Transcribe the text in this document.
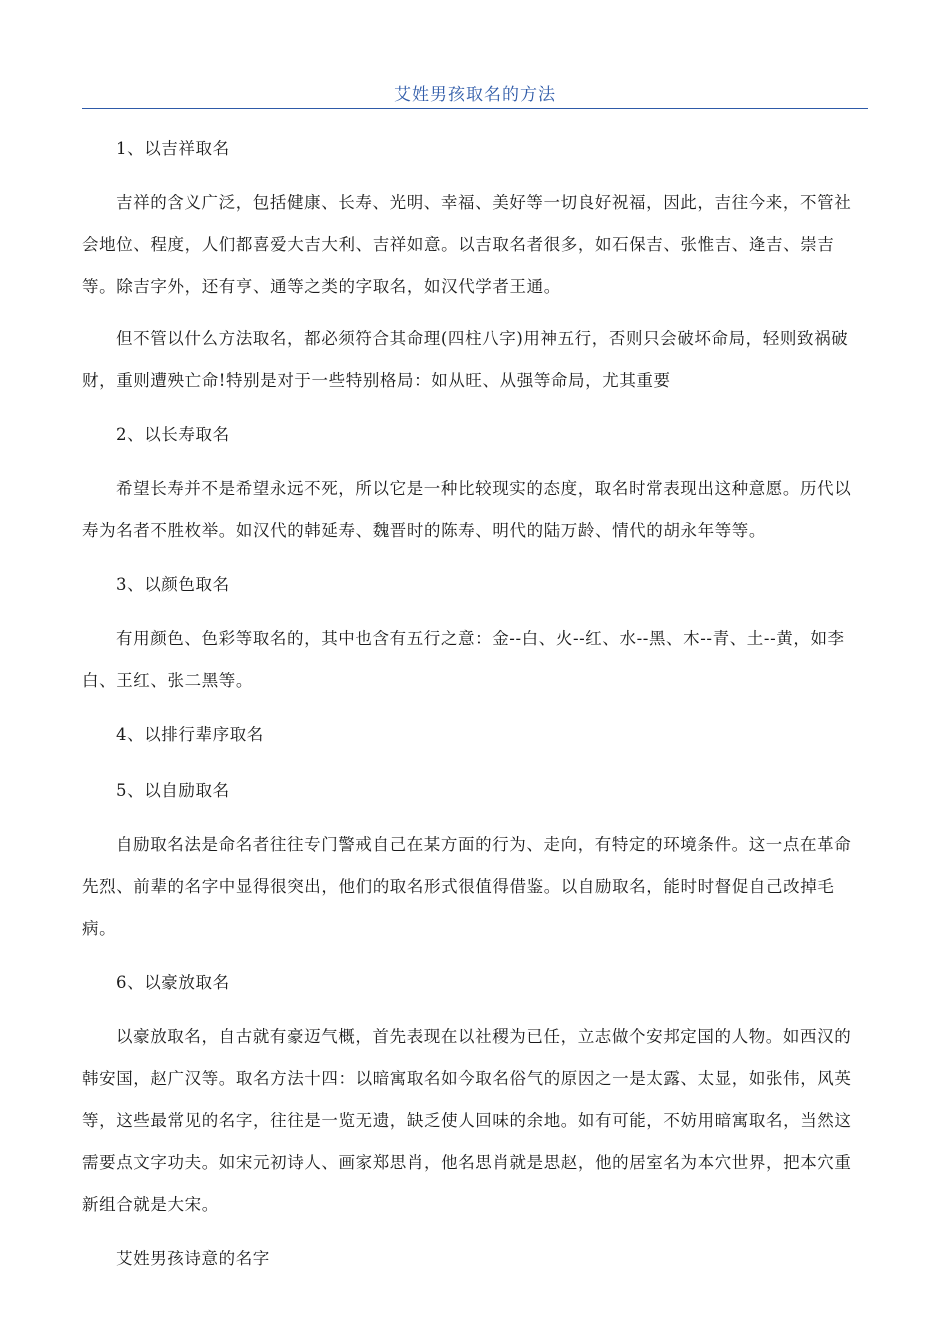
艾姓男孩取名的方法

1、以吉祥取名

吉祥的含义广泛，包括健康、长寿、光明、幸福、美好等一切良好祝福，因此，吉往今来，不管社会地位、程度，人们都喜爱大吉大利、吉祥如意。以吉取名者很多，如石保吉、张惟吉、逄吉、崇吉等。除吉字外，还有亨、通等之类的字取名，如汉代学者王通。

但不管以什么方法取名，都必须符合其命理(四柱八字)用神五行，否则只会破坏命局，轻则致祸破财，重则遭殃亡命!特别是对于一些特别格局：如从旺、从强等命局，尤其重要

2、以长寿取名

希望长寿并不是希望永远不死，所以它是一种比较现实的态度，取名时常表现出这种意愿。历代以寿为名者不胜枚举。如汉代的韩延寿、魏晋时的陈寿、明代的陆万龄、情代的胡永年等等。

3、以颜色取名

有用颜色、色彩等取名的，其中也含有五行之意：金--白、火--红、水--黑、木--青、土--黄，如李白、王红、张二黑等。

4、以排行辈序取名

5、以自励取名

自励取名法是命名者往往专门警戒自己在某方面的行为、走向，有特定的环境条件。这一点在革命先烈、前辈的名字中显得很突出，他们的取名形式很值得借鉴。以自励取名，能时时督促自己改掉毛病。

6、以豪放取名

以豪放取名，自古就有豪迈气概，首先表现在以社稷为已任，立志做个安邦定国的人物。如西汉的韩安国，赵广汉等。取名方法十四：以暗寓取名如今取名俗气的原因之一是太露、太显，如张伟，风英等，这些最常见的名字，往往是一览无遗，缺乏使人回味的余地。如有可能，不妨用暗寓取名，当然这需要点文字功夫。如宋元初诗人、画家郑思肖，他名思肖就是思赵，他的居室名为本穴世界，把本穴重新组合就是大宋。

艾姓男孩诗意的名字
